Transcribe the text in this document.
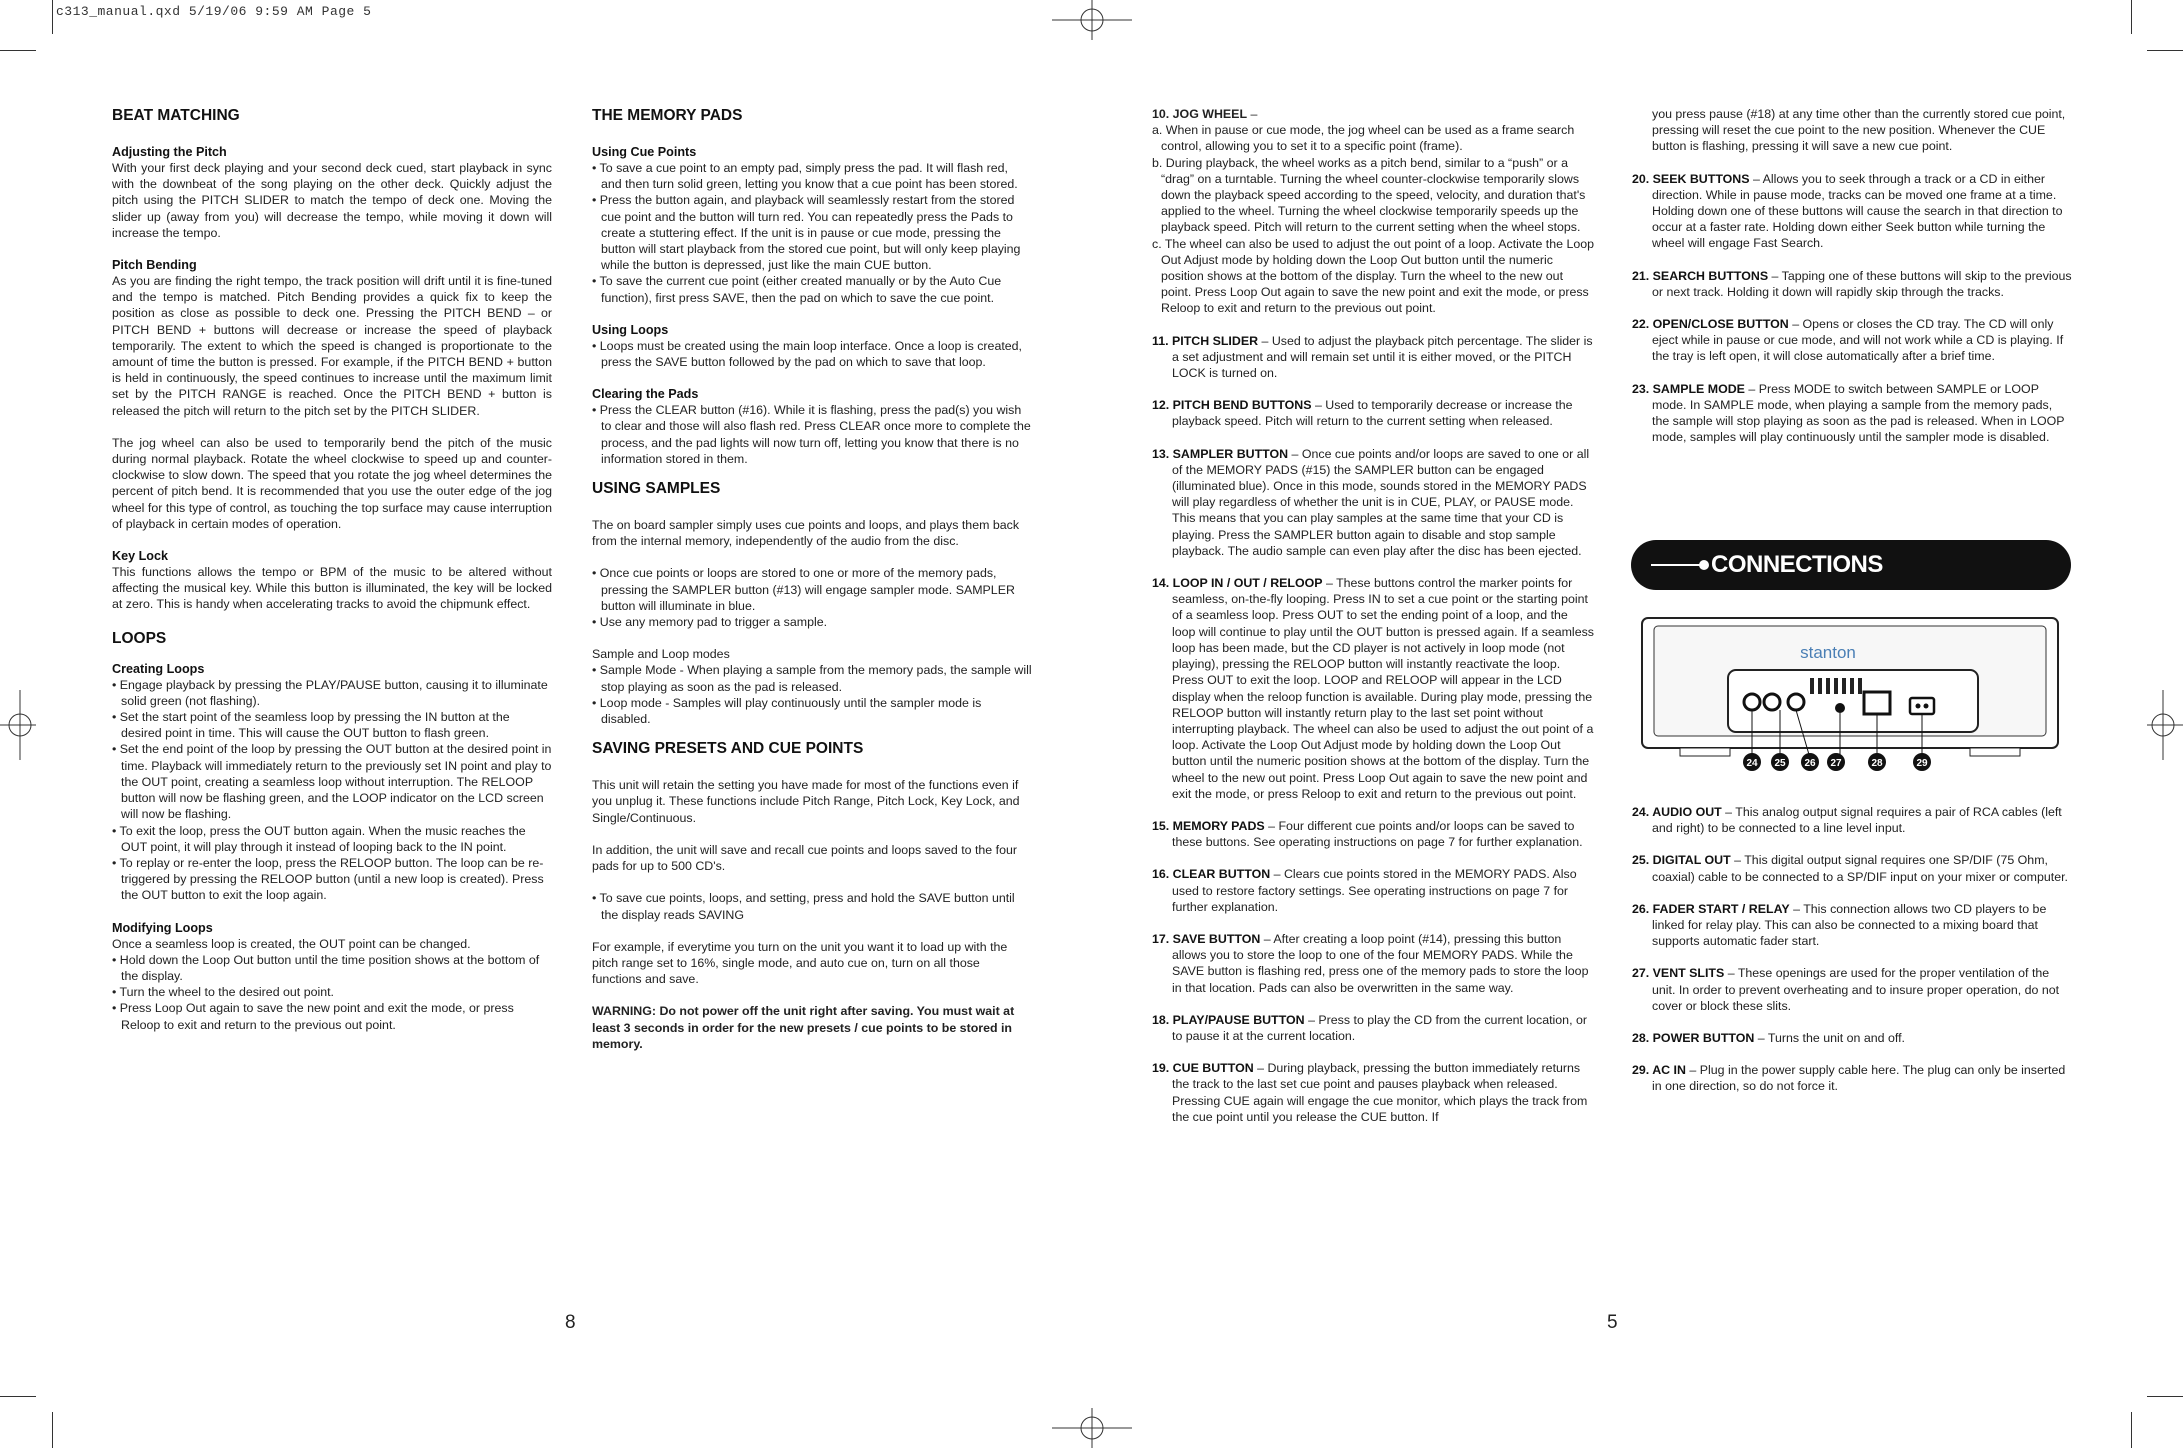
c313_manual.qxd 5/19/06 9:59 AM Page 5
BEAT MATCHING
Adjusting the Pitch

With your first deck playing and your second deck cued, start playback in sync with the downbeat of the song playing on the other deck. Quickly adjust the pitch using the PITCH SLIDER to match the tempo of deck one. Moving the slider up (away from you) will decrease the tempo, while moving it down will increase the tempo.

Pitch Bending

As you are finding the right tempo, the track position will drift until it is fine-tuned and the tempo is matched. Pitch Bending provides a quick fix to keep the position as close as possible to deck one. Pressing the PITCH BEND – or PITCH BEND + buttons will decrease or increase the speed of playback temporarily. The extent to which the speed is changed is proportionate to the amount of time the button is pressed. For example, if the PITCH BEND + button is held in continuously, the speed continues to increase until the maximum limit set by the PITCH RANGE is reached. Once the PITCH BEND + button is released the pitch will return to the pitch set by the PITCH SLIDER.

The jog wheel can also be used to temporarily bend the pitch of the music during normal playback. Rotate the wheel clockwise to speed up and counter-clockwise to slow down. The speed that you rotate the jog wheel determines the percent of pitch bend. It is recommended that you use the outer edge of the jog wheel for this type of control, as touching the top surface may cause interruption of playback in certain modes of operation.

Key Lock

This functions allows the tempo or BPM of the music to be altered without affecting the musical key. While this button is illuminated, the key will be locked at zero. This is handy when accelerating tracks to avoid the chipmunk effect.

LOOPS
Creating Loops

• Engage playback by pressing the PLAY/PAUSE button, causing it to illuminate solid green (not flashing).

• Set the start point of the seamless loop by pressing the IN button at the desired point in time. This will cause the OUT button to flash green.

• Set the end point of the loop by pressing the OUT button at the desired point in time. Playback will immediately return to the previously set IN point and play to the OUT point, creating a seamless loop without interruption. The RELOOP button will now be flashing green, and the LOOP indicator on the LCD screen will now be flashing.

• To exit the loop, press the OUT button again. When the music reaches the OUT point, it will play through it instead of looping back to the IN point.

• To replay or re-enter the loop, press the RELOOP button. The loop can be re-triggered by pressing the RELOOP button (until a new loop is created). Press the OUT button to exit the loop again.

Modifying Loops

Once a seamless loop is created, the OUT point can be changed.

• Hold down the Loop Out button until the time position shows at the bottom of the display.

• Turn the wheel to the desired out point.

• Press Loop Out again to save the new point and exit the mode, or press Reloop to exit and return to the previous out point.

THE MEMORY PADS
Using Cue Points

• To save a cue point to an empty pad, simply press the pad. It will flash red, and then turn solid green, letting you know that a cue point has been stored.

• Press the button again, and playback will seamlessly restart from the stored cue point and the button will turn red. You can repeatedly press the Pads to create a stuttering effect. If the unit is in pause or cue mode, pressing the button will start playback from the stored cue point, but will only keep playing while the button is depressed, just like the main CUE button.

• To save the current cue point (either created manually or by the Auto Cue function), first press SAVE, then the pad on which to save the cue point.

Using Loops

• Loops must be created using the main loop interface. Once a loop is created, press the SAVE button followed by the pad on which to save that loop.

Clearing the Pads

• Press the CLEAR button (#16). While it is flashing, press the pad(s) you wish to clear and those will also flash red. Press CLEAR once more to complete the process, and the pad lights will now turn off, letting you know that there is no information stored in them.

USING SAMPLES

The on board sampler simply uses cue points and loops, and plays them back from the internal memory, independently of the audio from the disc.

• Once cue points or loops are stored to one or more of the memory pads, pressing the SAMPLER button (#13) will engage sampler mode. SAMPLER button will illuminate in blue.

• Use any memory pad to trigger a sample.

Sample and Loop modes

• Sample Mode - When playing a sample from the memory pads, the sample will stop playing as soon as the pad is released.

• Loop mode - Samples will play continuously until the sampler mode is disabled.

SAVING PRESETS AND CUE POINTS

This unit will retain the setting you have made for most of the functions even if you unplug it. These functions include Pitch Range, Pitch Lock, Key Lock, and Single/Continuous.

In addition, the unit will save and recall cue points and loops saved to the four pads for up to 500 CD's.

• To save cue points, loops, and setting, press and hold the SAVE button until the display reads SAVING

For example, if everytime you turn on the unit you want it to load up with the pitch range set to 16%, single mode, and auto cue on, turn on all those functions and save.

WARNING: Do not power off the unit right after saving. You must wait at least 3 seconds in order for the new presets / cue points to be stored in memory.

10. JOG WHEEL –

a. When in pause or cue mode, the jog wheel can be used as a frame search control, allowing you to set it to a specific point (frame).

b. During playback, the wheel works as a pitch bend, similar to a “push” or a “drag” on a turntable. Turning the wheel counter-clockwise temporarily slows down the playback speed according to the speed, velocity, and duration that's applied to the wheel. Turning the wheel clockwise temporarily speeds up the playback speed. Pitch will return to the current setting when the wheel stops.

c. The wheel can also be used to adjust the out point of a loop. Activate the Loop Out Adjust mode by holding down the Loop Out button until the numeric position shows at the bottom of the display. Turn the wheel to the new out point. Press Loop Out again to save the new point and exit the mode, or press Reloop to exit and return to the previous out point.

11. PITCH SLIDER – Used to adjust the playback pitch percentage. The slider is a set adjustment and will remain set until it is either moved, or the PITCH LOCK is turned on.

12. PITCH BEND BUTTONS – Used to temporarily decrease or increase the playback speed. Pitch will return to the current setting when released.

13. SAMPLER BUTTON – Once cue points and/or loops are saved to one or all of the MEMORY PADS (#15) the SAMPLER button can be engaged (illuminated blue). Once in this mode, sounds stored in the MEMORY PADS will play regardless of whether the unit is in CUE, PLAY, or PAUSE mode. This means that you can play samples at the same time that your CD is playing. Press the SAMPLER button again to disable and stop sample playback. The audio sample can even play after the disc has been ejected.

14. LOOP IN / OUT / RELOOP – These buttons control the marker points for seamless, on-the-fly looping. Press IN to set a cue point or the starting point of a seamless loop. Press OUT to set the ending point of a loop, and the loop will continue to play until the OUT button is pressed again. If a seamless loop has been made, but the CD player is not actively in loop mode (not playing), pressing the RELOOP button will instantly reactivate the loop. Press OUT to exit the loop. LOOP and RELOOP will appear in the LCD display when the reloop function is available. During play mode, pressing the RELOOP button will instantly return play to the last set point without interrupting playback. The wheel can also be used to adjust the out point of a loop. Activate the Loop Out Adjust mode by holding down the Loop Out button until the numeric position shows at the bottom of the display. Turn the wheel to the new out point. Press Loop Out again to save the new point and exit the mode, or press Reloop to exit and return to the previous out point.

15. MEMORY PADS – Four different cue points and/or loops can be saved to these buttons. See operating instructions on page 7 for further explanation.

16. CLEAR BUTTON – Clears cue points stored in the MEMORY PADS. Also used to restore factory settings. See operating instructions on page 7 for further explanation.

17. SAVE BUTTON – After creating a loop point (#14), pressing this button allows you to store the loop to one of the four MEMORY PADS. While the SAVE button is flashing red, press one of the memory pads to store the loop in that location. Pads can also be overwritten in the same way.

18. PLAY/PAUSE BUTTON – Press to play the CD from the current location, or to pause it at the current location.

19. CUE BUTTON – During playback, pressing the button immediately returns the track to the last set cue point and pauses playback when released. Pressing CUE again will engage the cue monitor, which plays the track from the cue point until you release the CUE button. If

you press pause (#18) at any time other than the currently stored cue point, pressing will reset the cue point to the new position. Whenever the CUE button is flashing, pressing it will save a new cue point.

20. SEEK BUTTONS – Allows you to seek through a track or a CD in either direction. While in pause mode, tracks can be moved one frame at a time. Holding down one of these buttons will cause the search in that direction to occur at a faster rate. Holding down either Seek button while turning the wheel will engage Fast Search.

21. SEARCH BUTTONS – Tapping one of these buttons will skip to the previous or next track. Holding it down will rapidly skip through the tracks.

22. OPEN/CLOSE BUTTON – Opens or closes the CD tray. The CD will only eject while in pause or cue mode, and will not work while a CD is playing. If the tray is left open, it will close automatically after a brief time.

23. SAMPLE MODE – Press MODE to switch between SAMPLE or LOOP mode. In SAMPLE mode, when playing a sample from the memory pads, the sample will stop playing as soon as the pad is released. When in LOOP mode, samples will play continuously until the sampler mode is disabled.

CONNECTIONS
stanton
24 25 26 27	28	29

24. AUDIO OUT – This analog output signal requires a pair of RCA cables (left and right) to be connected to a line level input.

25. DIGITAL OUT – This digital output signal requires one SP/DIF (75 Ohm, coaxial) cable to be connected to a SP/DIF input on your mixer or computer.

26. FADER START / RELAY – This connection allows two CD players to be linked for relay play. This can also be connected to a mixing board that supports automatic fader start.

27. VENT SLITS – These openings are used for the proper ventilation of the unit. In order to prevent overheating and to insure proper operation, do not cover or block these slits.

28. POWER BUTTON – Turns the unit on and off.

29. AC IN – Plug in the power supply cable here. The plug can only be inserted in one direction, so do not force it.

8	5
